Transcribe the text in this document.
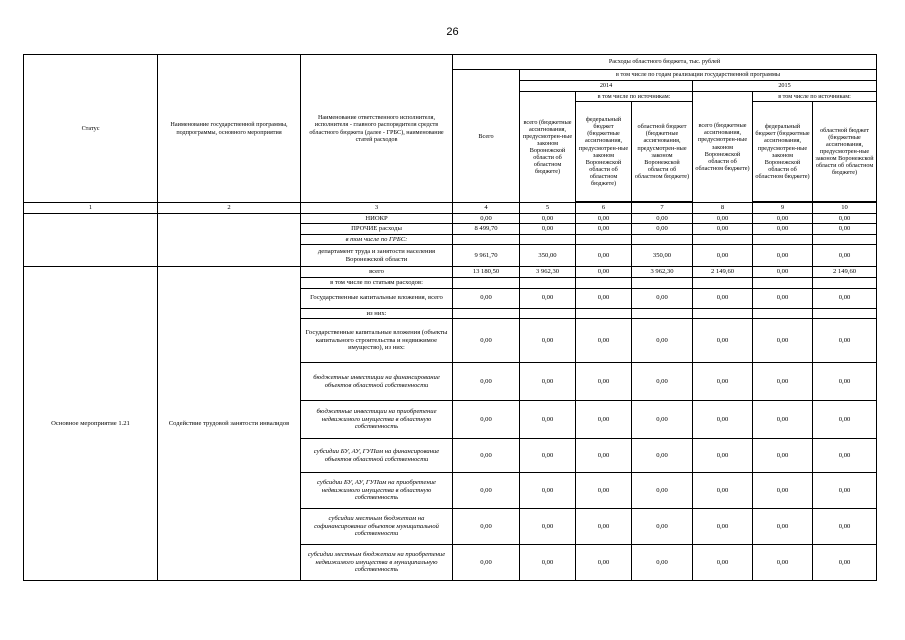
26
Статус	Наименование государственной программы, подпрограммы, основного мероприятия	Наименование ответственного исполнителя, исполнителя - главного распорядителя средств областного бюджета (далее - ГРБС), наименование статей расходов	Расходы областного бюджета, тыс. рублей						
			Всего	в том числе по годам реализации государственной программы					
				2014			2015		
				всего (бюджетные ассигнования, предусмотрен-ные законом Воронежской области об областном бюджете)	в том числе по источникам:		всего (бюджетные ассигнования, предусмотрен-ные законом Воронежской области об областном бюджете)	в том числе по источникам:	
					федеральный бюджет (бюджетные ассигнования, предусмотрен-ные законом Воронежской области об областном бюджете)	областной бюджет (бюджетные ассигнования, предусмотрен-ные законом Воронежской области об областном бюджете)		федеральный бюджет (бюджетные ассигнования, предусмотрен-ные законом Воронежской области об областном бюджете)	областной бюджет (бюджетные ассигнования, предусмотрен-ные законом Воронежской области об областном бюджете)

1	2	3	4	5	6	7	8	9	10
		НИОКР	0,00	0,00	0,00	0,00	0,00	0,00	0,00
		ПРОЧИЕ расходы	8 499,70	0,00	0,00	0,00	0,00	0,00	0,00
		в том числе по ГРБС:							
		департамент труда и занятости населения Воронежской области	9 961,70	350,00	0,00	350,00	0,00	0,00	0,00
Основное мероприятие 1.21	Содействие трудовой занятости инвалидов	всего	13 180,50	3 962,30	0,00	3 962,30	2 149,60	0,00	2 149,60
		в том числе по статьям расходов:							
		Государственные капитальные вложения, всего	0,00	0,00	0,00	0,00	0,00	0,00	0,00
		из них:							
		Государственные капитальные вложения (объекты капитального строительства и недвижимое имущество), из них:	0,00	0,00	0,00	0,00	0,00	0,00	0,00
		бюджетные инвестиции на финансирование объектов областной собственности	0,00	0,00	0,00	0,00	0,00	0,00	0,00
		бюджетные инвестиции на приобретение недвижимого имущества в областную собственность	0,00	0,00	0,00	0,00	0,00	0,00	0,00
		субсидии БУ, АУ, ГУПам на финансирование объектов областной собственности	0,00	0,00	0,00	0,00	0,00	0,00	0,00
		субсидии БУ, АУ, ГУПам на приобретение недвижимого имущества в областную собственность	0,00	0,00	0,00	0,00	0,00	0,00	0,00
		субсидии местным бюджетам на софинансирование объектов муниципальной собственности	0,00	0,00	0,00	0,00	0,00	0,00	0,00
		субсидии местным бюджетам на приобретение недвижимого имущества в муниципальную собственность	0,00	0,00	0,00	0,00	0,00	0,00	0,00
